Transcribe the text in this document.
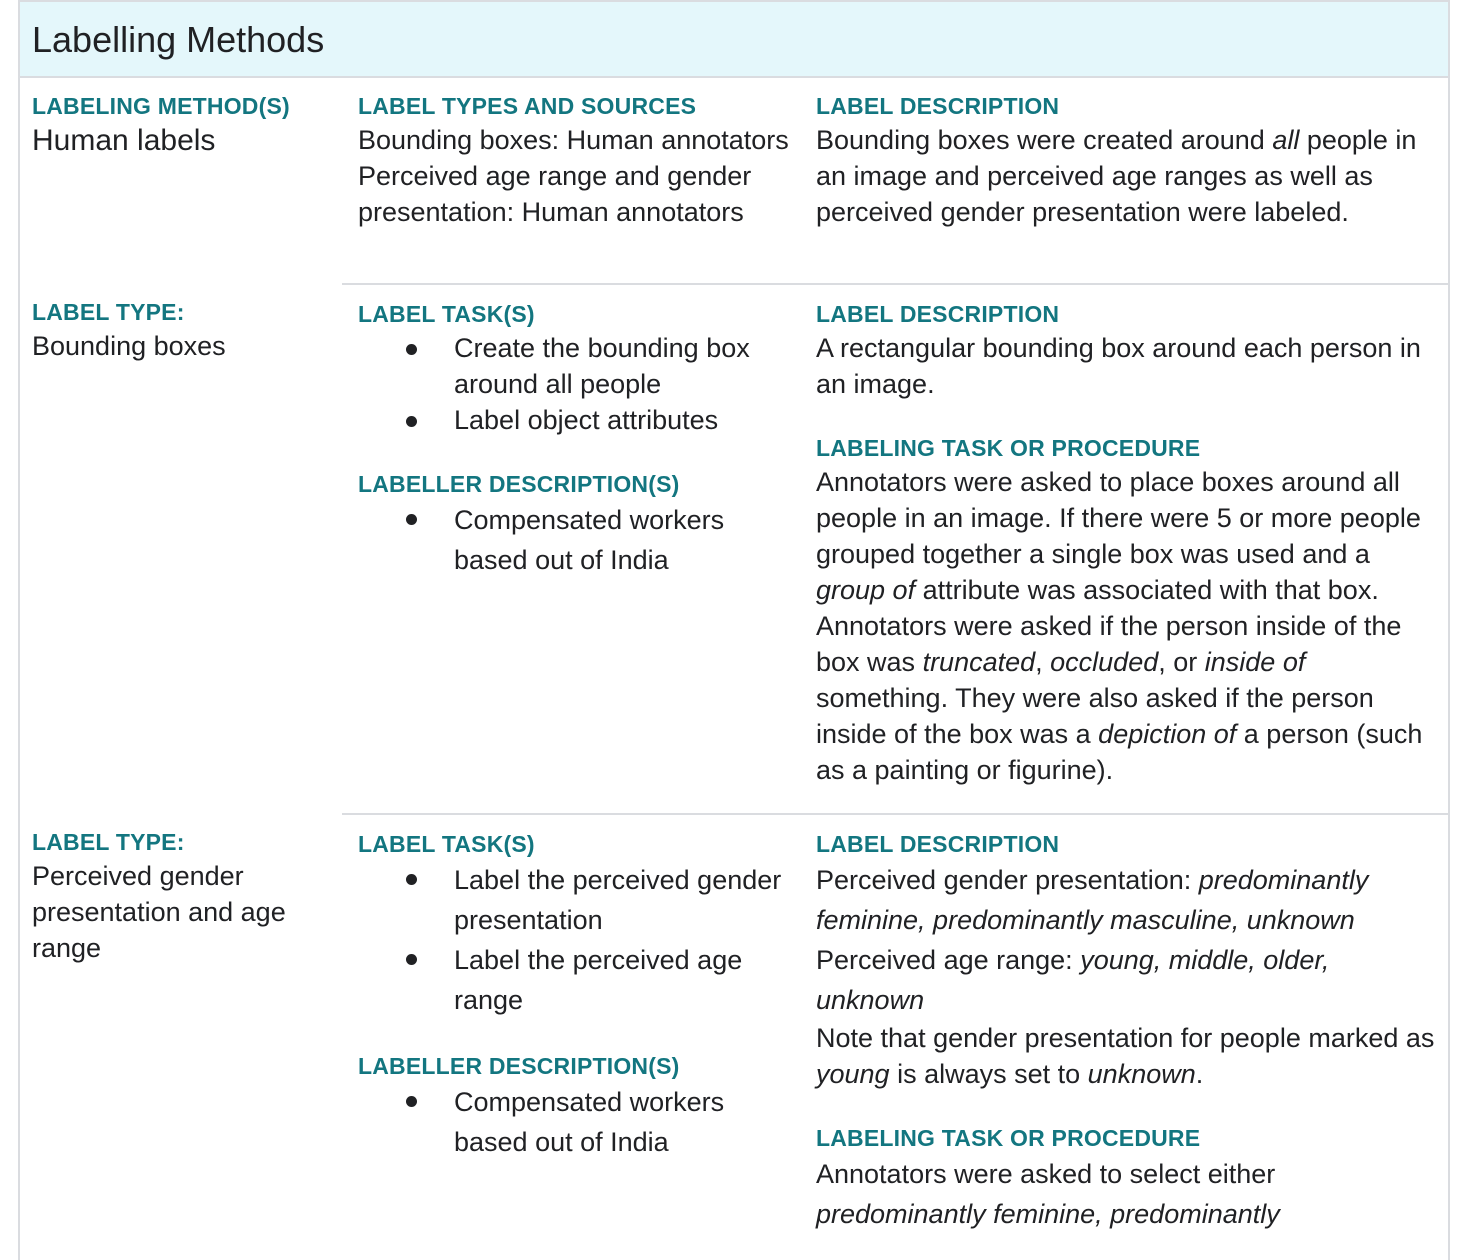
Labelling Methods
LABELING METHOD(S)
Human labels
LABEL TYPES AND SOURCES
Bounding boxes: Human annotators
Perceived age range and gender presentation: Human annotators
LABEL DESCRIPTION
Bounding boxes were created around all people in an image and perceived age ranges as well as perceived gender presentation were labeled.
LABEL TYPE:
Bounding boxes
LABEL TASK(S)
Create the bounding box around all people
Label object attributes
LABELLER DESCRIPTION(S)
Compensated workers based out of India
LABEL DESCRIPTION
A rectangular bounding box around each person in an image.
LABELING TASK OR PROCEDURE
Annotators were asked to place boxes around all people in an image. If there were 5 or more people grouped together a single box was used and a group of attribute was associated with that box. Annotators were asked if the person inside of the box was truncated, occluded, or inside of something. They were also asked if the person inside of the box was a depiction of a person (such as a painting or figurine).
LABEL TYPE:
Perceived gender presentation and age range
LABEL TASK(S)
Label the perceived gender presentation
Label the perceived age range
LABELLER DESCRIPTION(S)
Compensated workers based out of India
LABEL DESCRIPTION
Perceived gender presentation: predominantly feminine, predominantly masculine, unknown
Perceived age range: young, middle, older, unknown
Note that gender presentation for people marked as young is always set to unknown.
LABELING TASK OR PROCEDURE
Annotators were asked to select either
predominantly feminine, predominantly
